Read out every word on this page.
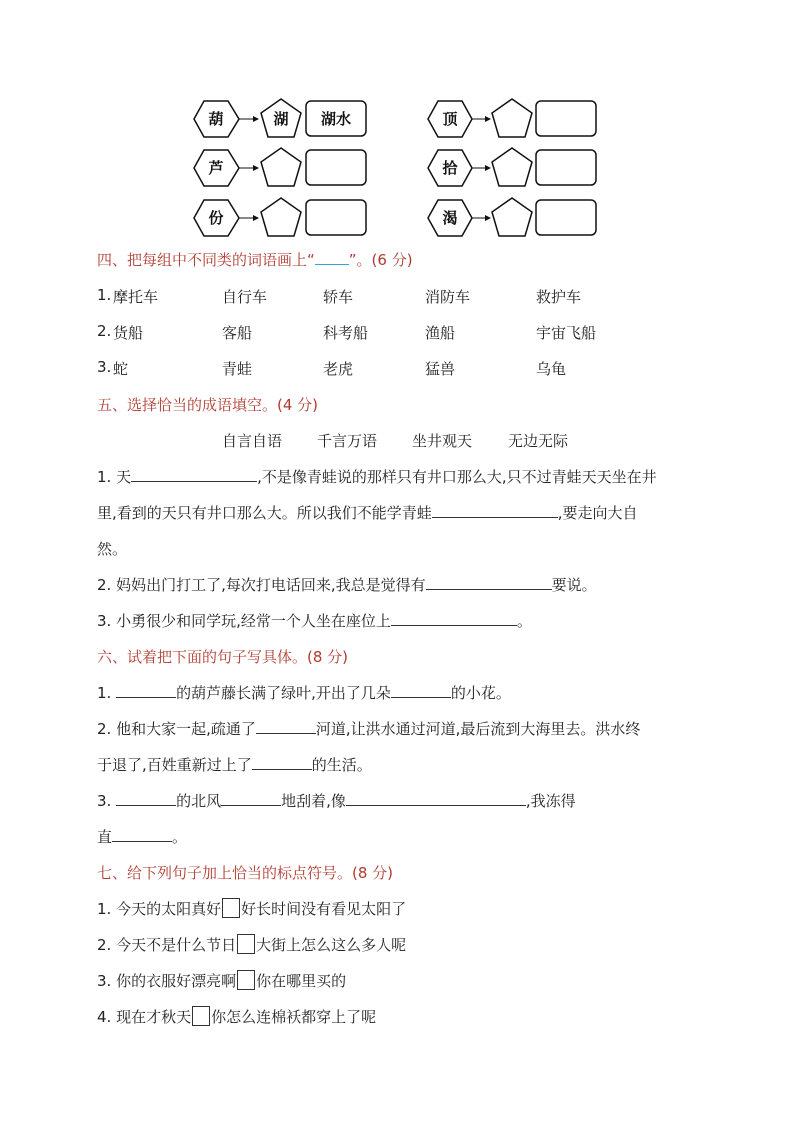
葫	湖	湖水
芦
份
顶
拾
渴
四、把每组中不同类的词语画上“ ”。(6 分)
1. 摩托车	自行车	轿车	消防车	救护车
2. 货船	客船	科考船	渔船	宇宙飞船
3. 蛇	青蛙	老虎	猛兽	乌龟
五、选择恰当的成语填空。(4 分)
自言自语 千言万语 坐井观天 无边无际
1. 天	,不是像青蛙说的那样只有井口那么大,只不过青蛙天天坐在井
里,看到的天只有井口那么大。所以我们不能学青蛙	,要走向大自
然。
2. 妈妈出门打工了,每次打电话回来,我总是觉得有	要说。
3. 小勇很少和同学玩,经常一个人坐在座位上	。
六、试着把下面的句子写具体。(8 分)
1.	的葫芦藤长满了绿叶,开出了几朵	的小花。
2. 他和大家一起,疏通了	河道,让洪水通过河道,最后流到大海里去。洪水终
于退了,百姓重新过上了	的生活。
3.	的北风	地刮着,像	,我冻得
直	。
七、给下列句子加上恰当的标点符号。(8 分)
1. 今天的太阳真好 好长时间没有看见太阳了
2. 今天不是什么节日 大街上怎么这么多人呢
3. 你的衣服好漂亮啊 你在哪里买的
4. 现在才秋天 你怎么连棉袄都穿上了呢
